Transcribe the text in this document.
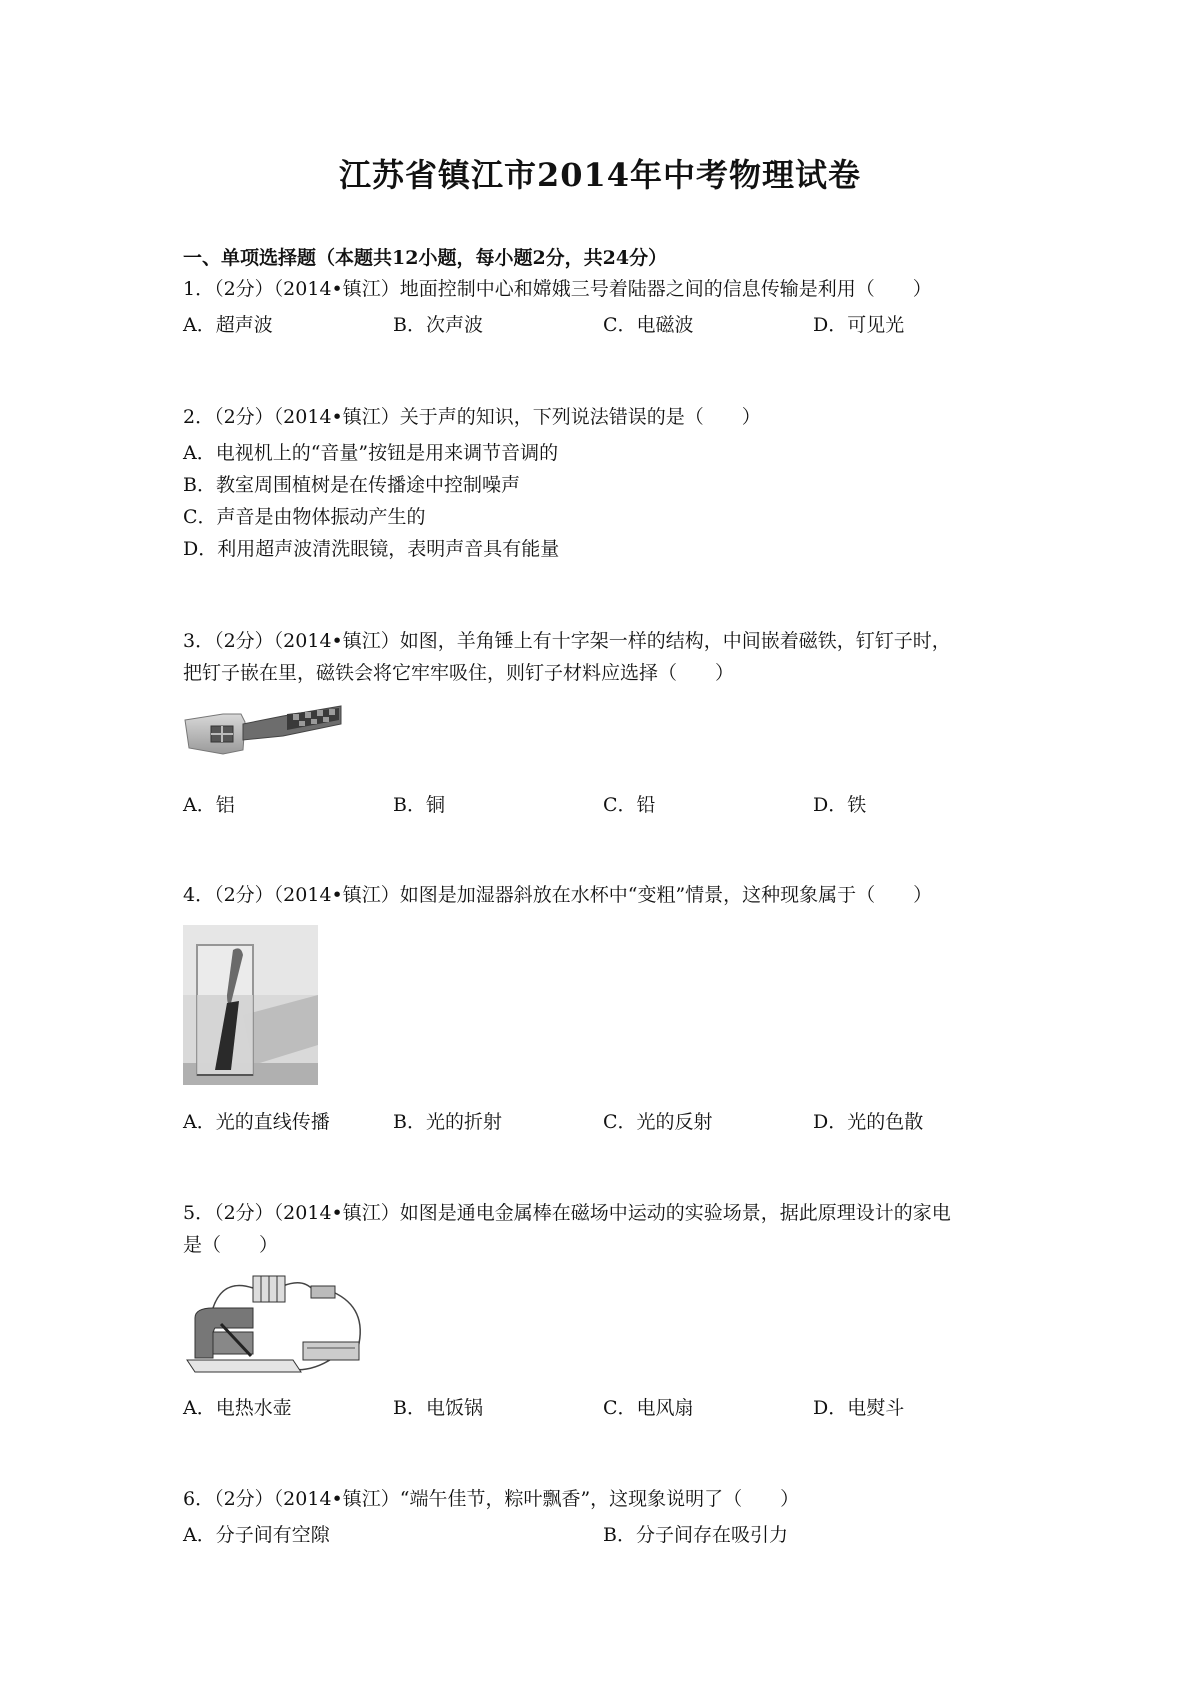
江苏省镇江市2014年中考物理试卷
一、单项选择题（本题共12小题，每小题2分，共24分）
1．（2分）（2014•镇江）地面控制中心和嫦娥三号着陆器之间的信息传输是利用（　　）
A．超声波	B．次声波	C．电磁波	D．可见光
2．（2分）（2014•镇江）关于声的知识，下列说法错误的是（　　）
A．电视机上的“音量”按钮是用来调节音调的
B．教室周围植树是在传播途中控制噪声
C．声音是由物体振动产生的
D．利用超声波清洗眼镜，表明声音具有能量
3．（2分）（2014•镇江）如图，羊角锤上有十字架一样的结构，中间嵌着磁铁，钉钉子时，
把钉子嵌在里，磁铁会将它牢牢吸住，则钉子材料应选择（　　）
A．铝	B．铜	C．铅	D．铁
4．（2分）（2014•镇江）如图是加湿器斜放在水杯中“变粗”情景，这种现象属于（　　）
A．光的直线传播	B．光的折射	C．光的反射	D．光的色散
5．（2分）（2014•镇江）如图是通电金属棒在磁场中运动的实验场景，据此原理设计的家电
是（　　）
A．电热水壶	B．电饭锅	C．电风扇	D．电熨斗
6．（2分）（2014•镇江）“端午佳节，粽叶飘香”，这现象说明了（　　）
A．分子间有空隙	B．分子间存在吸引力
